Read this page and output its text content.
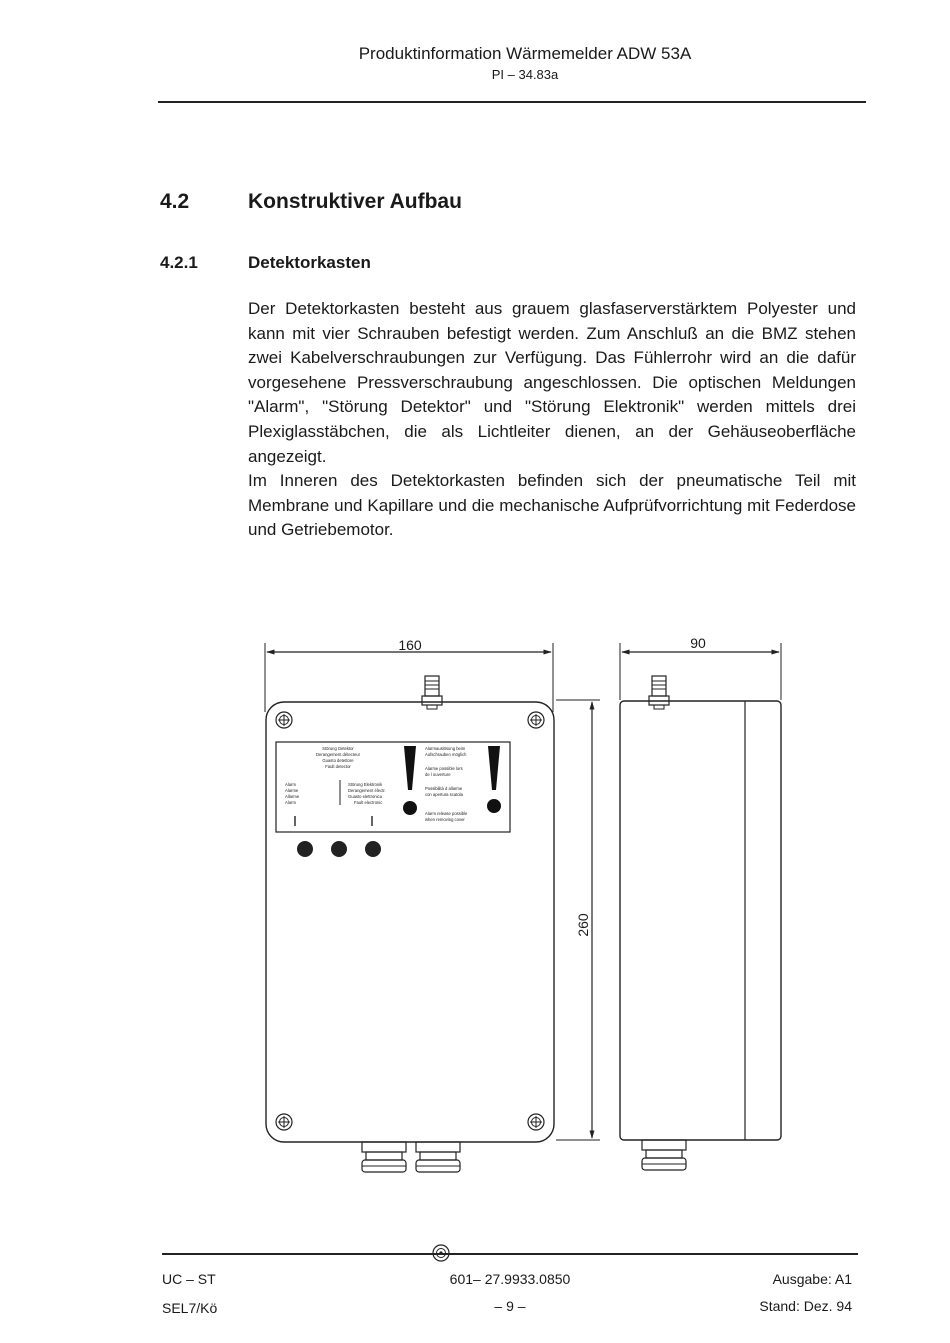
Produktinformation Wärmemelder ADW 53A
PI – 34.83a
4.2	Konstruktiver Aufbau
4.2.1	Detektorkasten

Der Detektorkasten besteht aus grauem glasfaserverstärktem Polyester und kann mit vier Schrauben befestigt werden. Zum Anschluß an die BMZ stehen zwei Kabelverschraubungen zur Verfügung. Das Fühlerrohr wird an die dafür vorgesehene Pressverschraubung angeschlossen. Die optischen Meldungen "Alarm", "Störung Detektor" und "Störung Elektronik" werden mittels drei Plexiglasstäbchen, die als Lichtleiter dienen, an der Gehäuseoberfläche angezeigt.

Im Inneren des Detektorkasten befinden sich der pneumatische Teil mit Membrane und Kapillare und die mechanische Aufprüfvorrichtung mit Federdose und Getriebemotor.

160
Störung Detektor
Derangement détecteur
Guasto detettore
Fault detector
Alarm
Alarme
Allarme
Alarm
Störung Elektronik
Derangement électr.
Guasto elettronica
Fault electronic
Alarmauslösung beim
Aufschrauben möglich
Alarme possible lors
de l ouverture
Possibilità d allarme
con apertura scatola
Alarm release possible
when removing cover
260
90
UC – ST
SEL7/Kö
601– 27.9933.0850
– 9 –
Ausgabe: A1
Stand: Dez. 94
